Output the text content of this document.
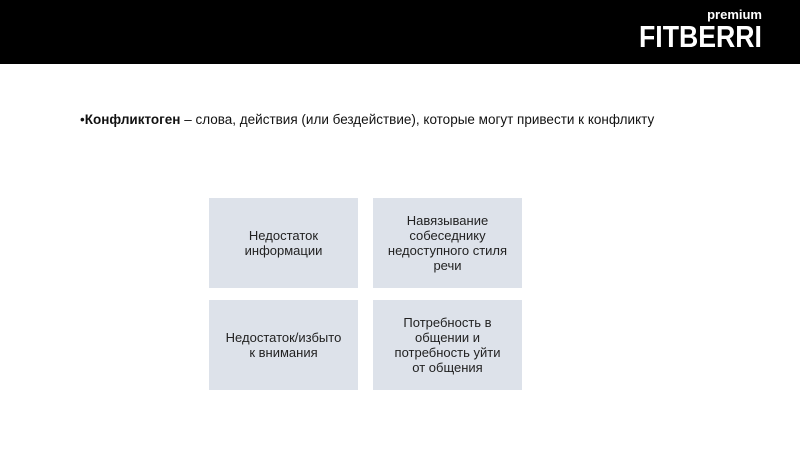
premium
FITBERRI
•Конфликтоген – слова, действия (или бездействие), которые могут привести к конфликту
Недостаток
информации
Навязывание
собеседнику
недоступного стиля
речи
Недостаток/избыто
к внимания
Потребность в
общении и
потребность уйти
от общения
